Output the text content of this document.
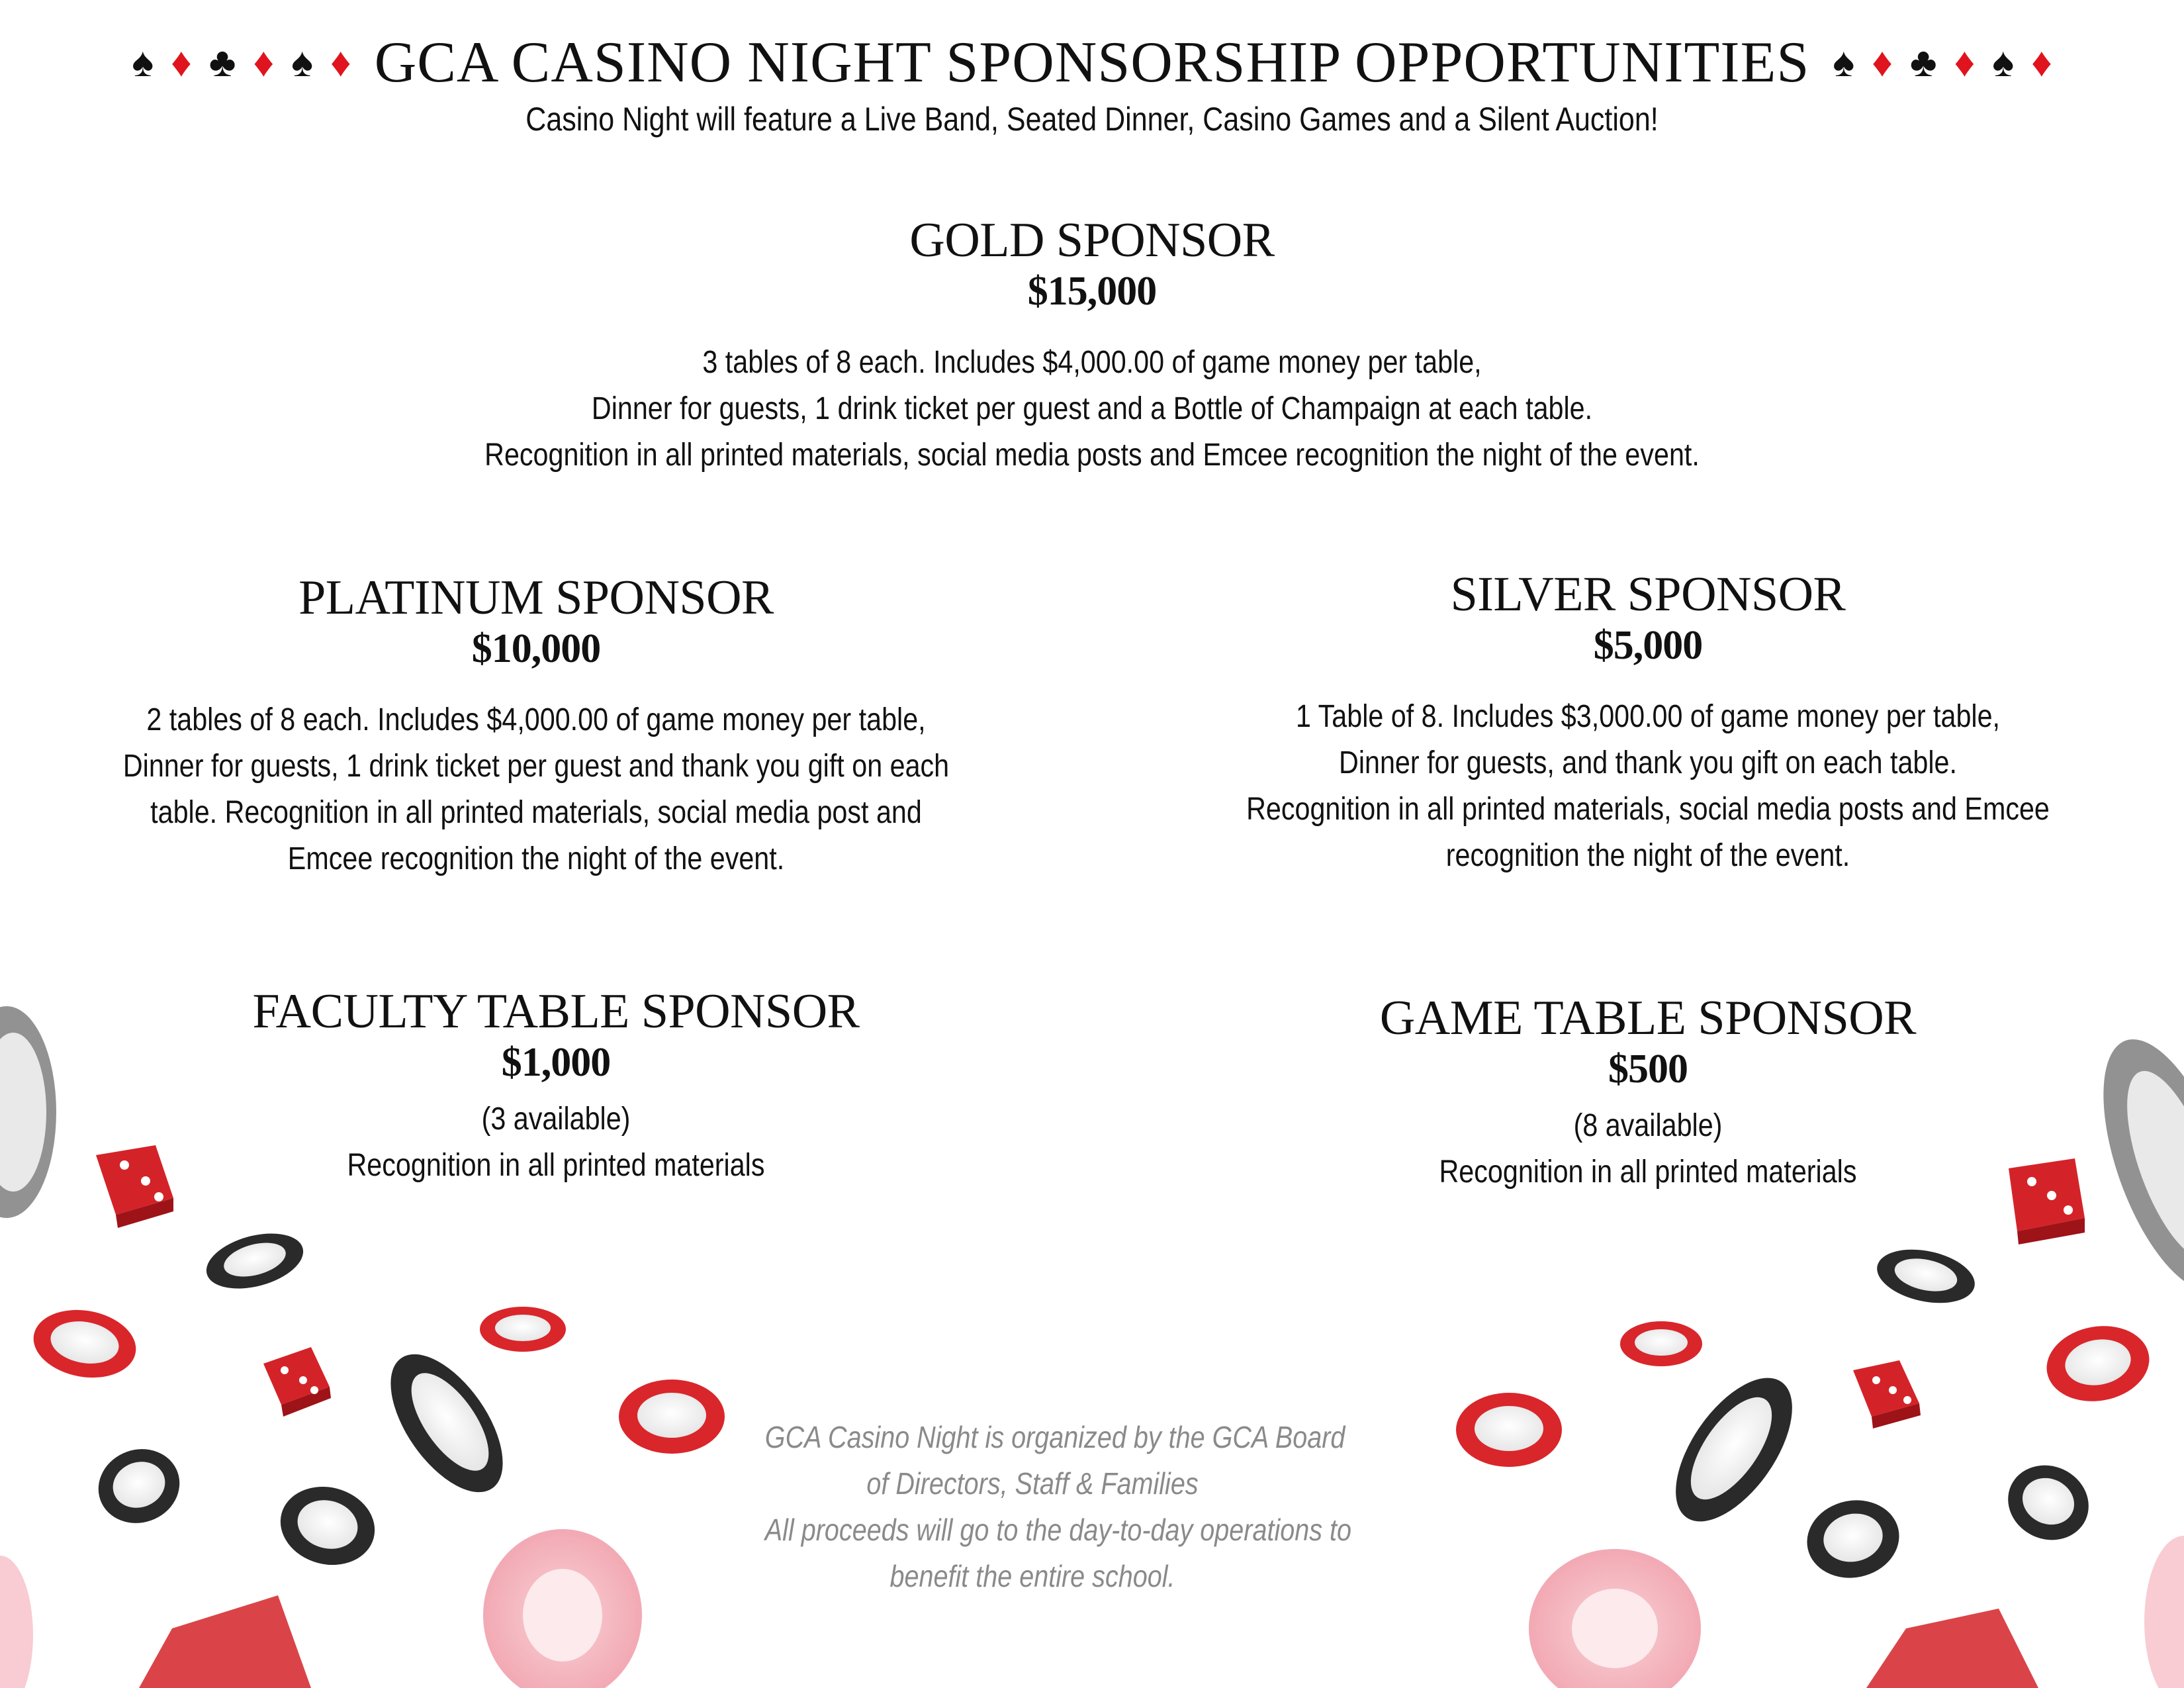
♠ ♦ ♣ ♦ ♠ ♦ GCA CASINO NIGHT SPONSORSHIP OPPORTUNITIES ♠ ♦ ♣ ♦ ♠ ♦
Casino Night will feature a Live Band, Seated Dinner, Casino Games and a Silent Auction!
GOLD SPONSOR
$15,000
3 tables of 8 each. Includes $4,000.00 of game money per table,
Dinner for guests, 1 drink ticket per guest and a Bottle of Champaign at each table.
Recognition in all printed materials, social media posts and Emcee recognition the night of the event.
PLATINUM SPONSOR
$10,000
2 tables of 8 each. Includes $4,000.00 of game money per table,
Dinner for guests, 1 drink ticket per guest and thank you gift on each
table. Recognition in all printed materials, social media post and
Emcee recognition the night of the event.
SILVER SPONSOR
$5,000
1 Table of 8. Includes $3,000.00 of game money per table,
Dinner for guests, and thank you gift on each table.
Recognition in all printed materials, social media posts and Emcee
recognition the night of the event.
FACULTY TABLE SPONSOR
$1,000
(3 available)
Recognition in all printed materials
GAME TABLE SPONSOR
$500
(8 available)
Recognition in all printed materials
GCA Casino Night is organized by the GCA Board
of Directors, Staff & Families
All proceeds will go to the day-to-day operations to
benefit the entire school.
